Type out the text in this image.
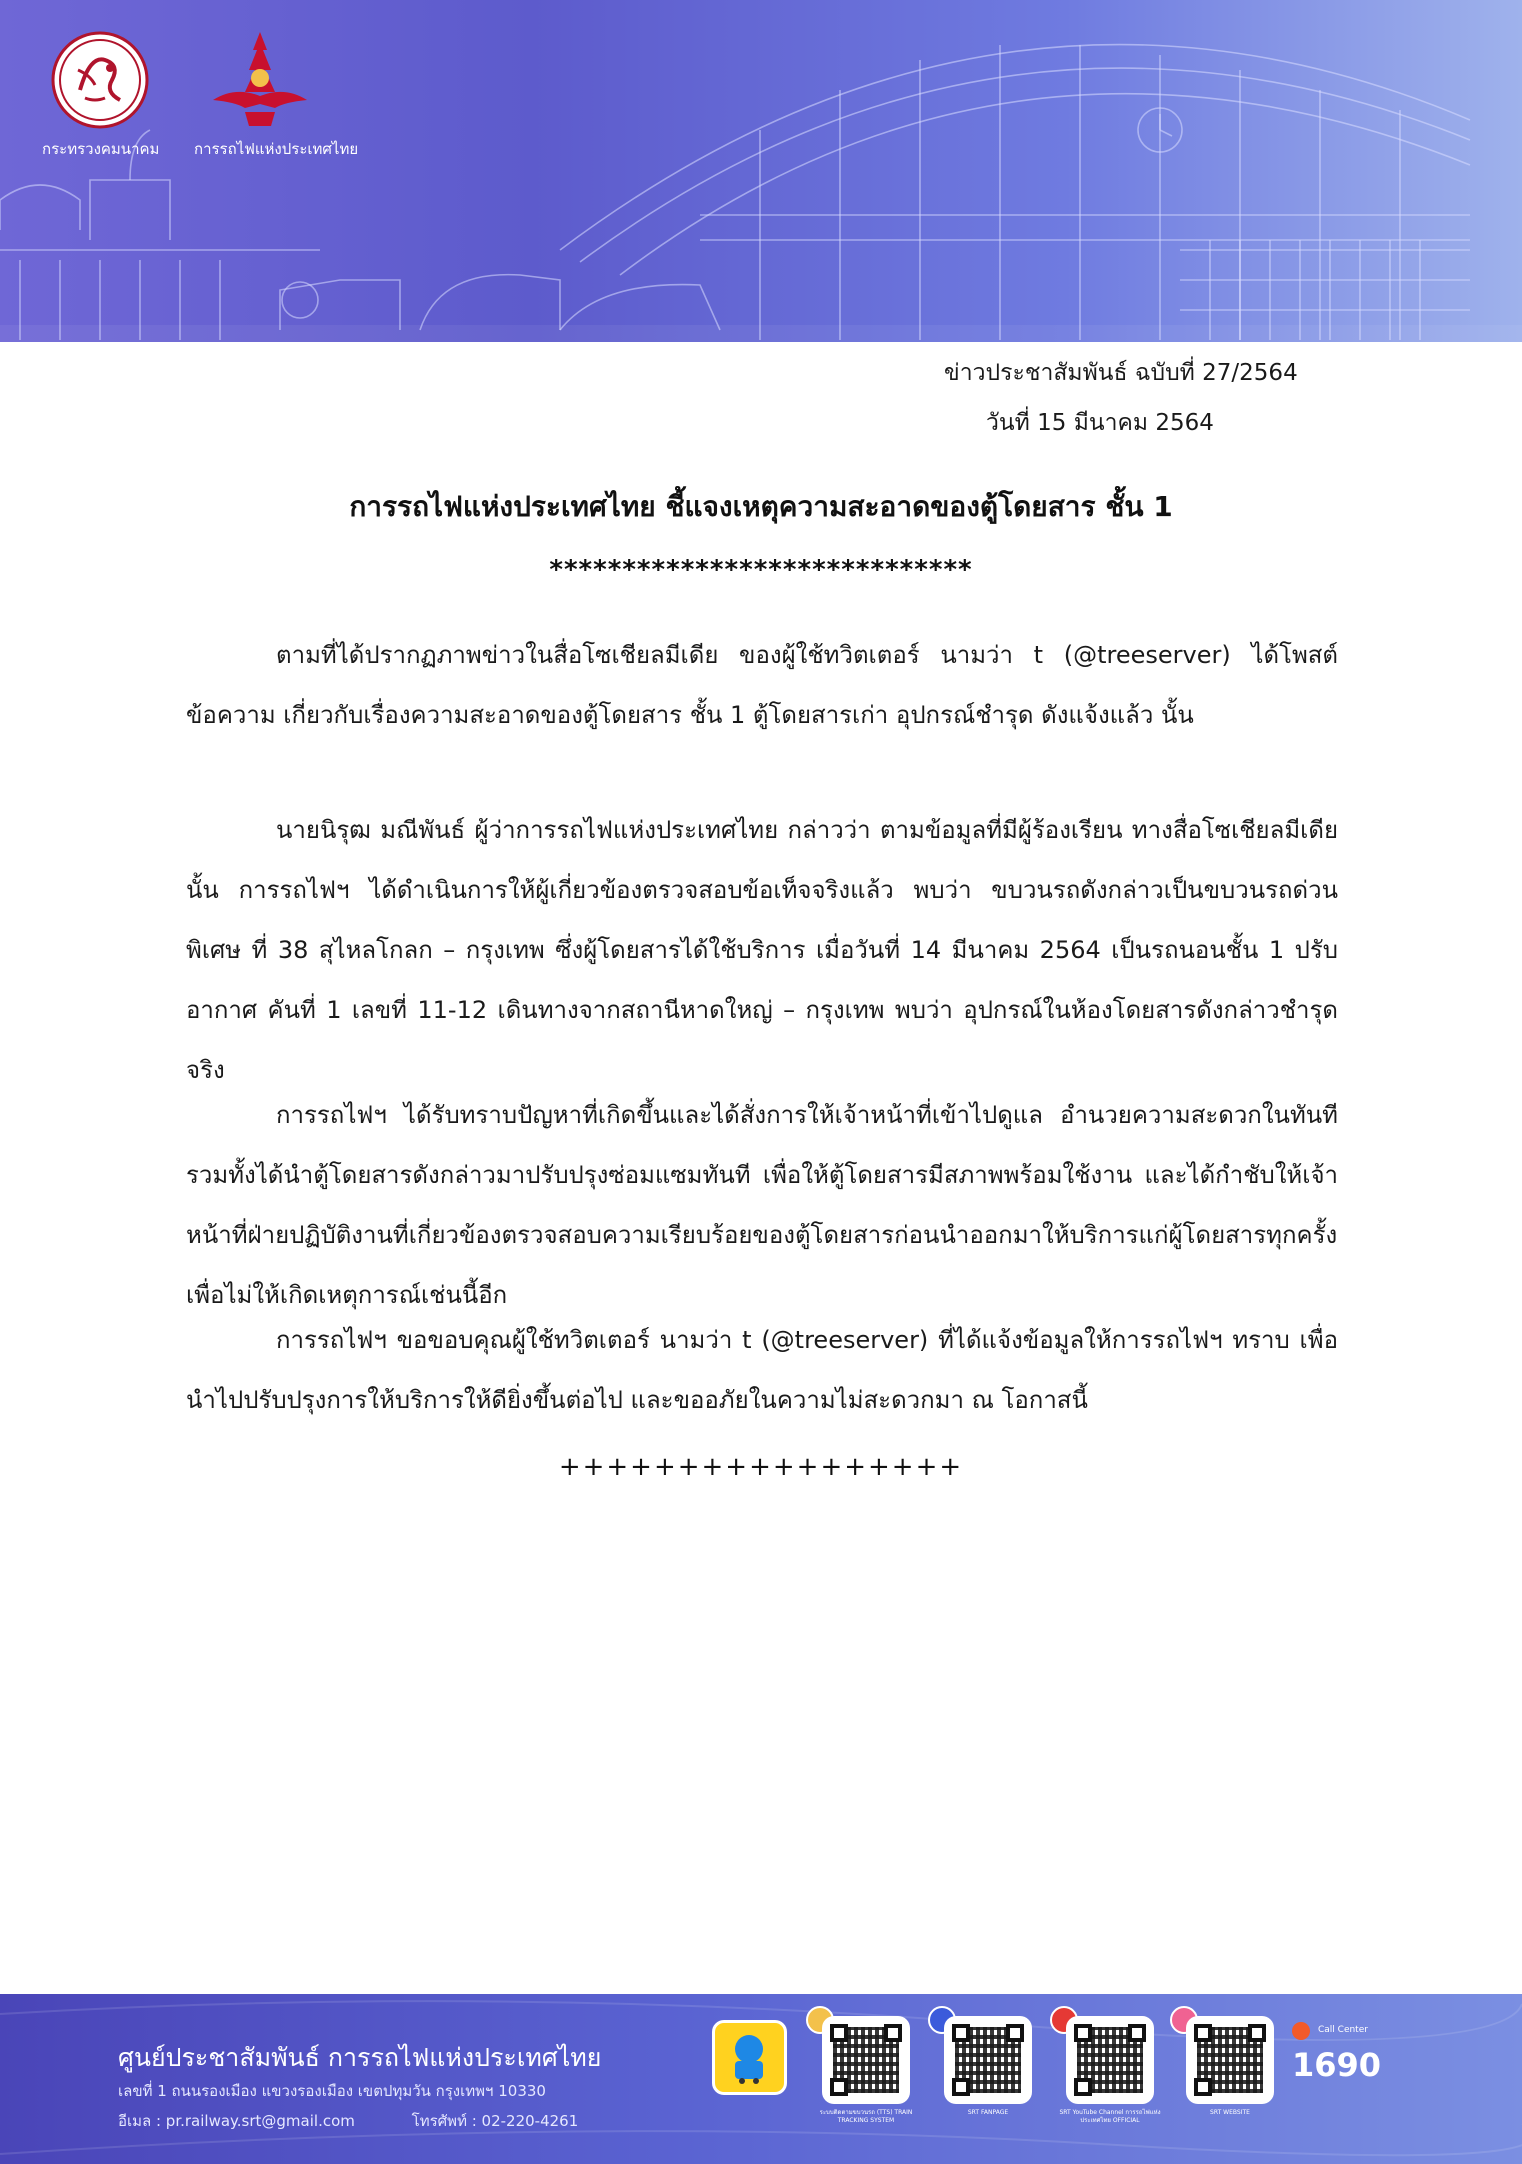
กระทรวงคมนาคม การรถไฟแห่งประเทศไทย
ข่าวประชาสัมพันธ์ ฉบับที่ 27/2564
วันที่ 15 มีนาคม 2564
การรถไฟแห่งประเทศไทย ชี้แจงเหตุความสะอาดของตู้โดยสาร ชั้น 1
*****************************

ตามที่ได้ปรากฏภาพข่าวในสื่อโซเชียลมีเดีย ของผู้ใช้ทวิตเตอร์ นามว่า t (@treeserver) ได้โพสต์ข้อความ เกี่ยวกับเรื่องความสะอาดของตู้โดยสาร ชั้น 1 ตู้โดยสารเก่า อุปกรณ์ชำรุด ดังแจ้งแล้ว นั้น

นายนิรุฒ มณีพันธ์ ผู้ว่าการรถไฟแห่งประเทศไทย กล่าวว่า ตามข้อมูลที่มีผู้ร้องเรียน ทางสื่อโซเชียลมีเดีย นั้น การรถไฟฯ ได้ดำเนินการให้ผู้เกี่ยวข้องตรวจสอบข้อเท็จจริงแล้ว พบว่า ขบวนรถดังกล่าวเป็นขบวนรถด่วนพิเศษ ที่ 38 สุไหลโกลก – กรุงเทพ ซึ่งผู้โดยสารได้ใช้บริการ เมื่อวันที่ 14 มีนาคม 2564 เป็นรถนอนชั้น 1 ปรับอากาศ คันที่ 1 เลขที่ 11-12 เดินทางจากสถานีหาดใหญ่ – กรุงเทพ พบว่า อุปกรณ์ในห้องโดยสารดังกล่าวชำรุดจริง

การรถไฟฯ ได้รับทราบปัญหาที่เกิดขึ้นและได้สั่งการให้เจ้าหน้าที่เข้าไปดูแล อำนวยความสะดวกในทันที รวมทั้งได้นำตู้โดยสารดังกล่าวมาปรับปรุงซ่อมแซมทันที เพื่อให้ตู้โดยสารมีสภาพพร้อมใช้งาน และได้กำชับให้เจ้าหน้าที่ฝ่ายปฏิบัติงานที่เกี่ยวข้องตรวจสอบความเรียบร้อยของตู้โดยสารก่อนนำออกมาให้บริการแก่ผู้โดยสารทุกครั้ง เพื่อไม่ให้เกิดเหตุการณ์เช่นนี้อีก

การรถไฟฯ ขอขอบคุณผู้ใช้ทวิตเตอร์ นามว่า t (@treeserver) ที่ได้แจ้งข้อมูลให้การรถไฟฯ ทราบ เพื่อนำไปปรับปรุงการให้บริการให้ดียิ่งขึ้นต่อไป และขออภัยในความไม่สะดวกมา ณ โอกาสนี้

+++++++++++++++++
ศูนย์ประชาสัมพันธ์ การรถไฟแห่งประเทศไทย
เลขที่ 1 ถนนรองเมือง แขวงรองเมือง เขตปทุมวัน กรุงเทพฯ 10330
อีเมล : pr.railway.srt@gmail.com	โทรศัพท์ : 02-220-4261	ระบบติดตามขบวนรถ (TTS) TRAIN TRACKING SYSTEM
SRT FANPAGE	SRT YouTube Channel การรถไฟแห่งประเทศไทย OFFICIAL
SRT WEBSITE
Call Center
1690
